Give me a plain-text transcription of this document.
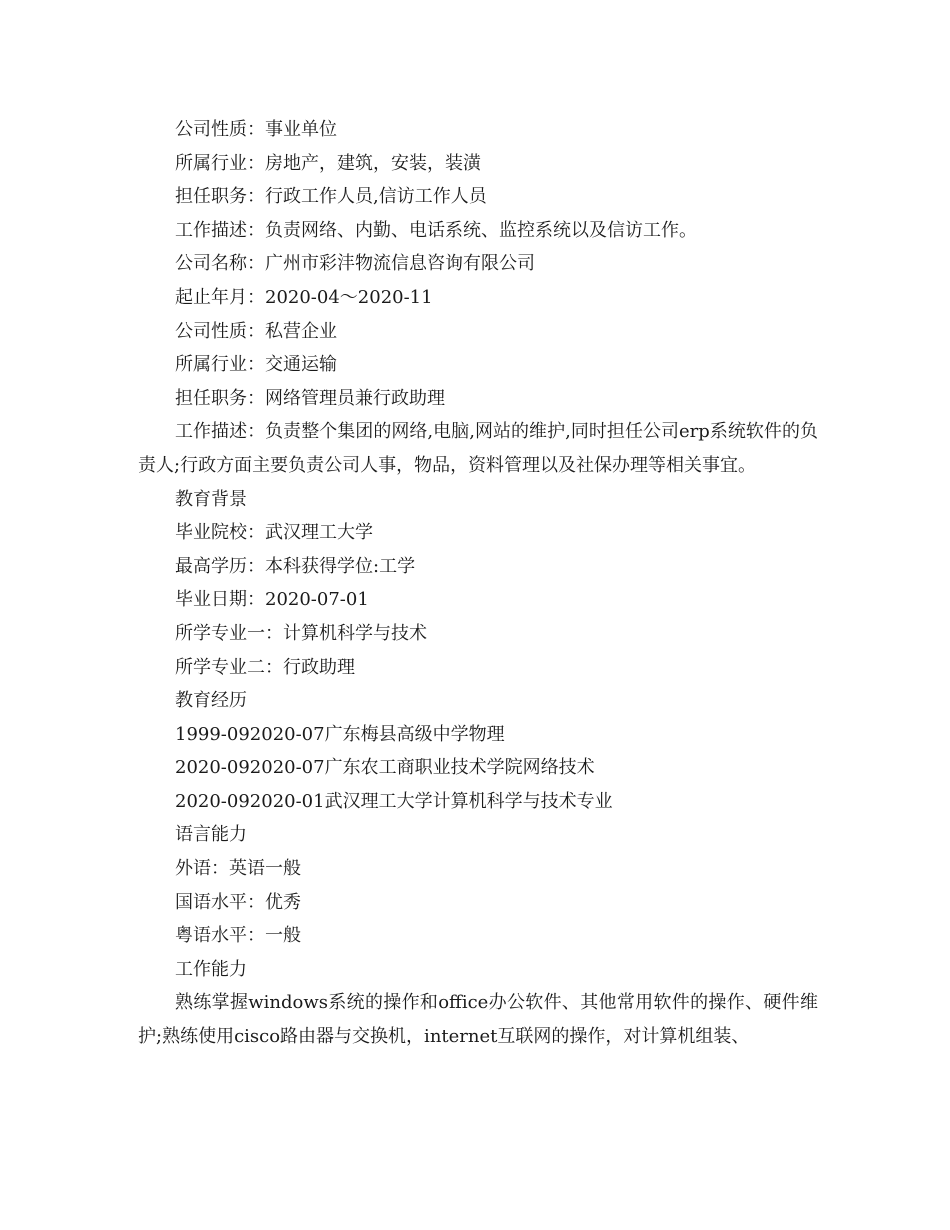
公司性质：事业单位

所属行业：房地产，建筑，安装，装潢

担任职务：行政工作人员,信访工作人员

工作描述：负责网络、内勤、电话系统、监控系统以及信访工作。

公司名称：广州市彩沣物流信息咨询有限公司

起止年月：2020-04～2020-11

公司性质：私营企业

所属行业：交通运输

担任职务：网络管理员兼行政助理

工作描述：负责整个集团的网络,电脑,网站的维护,同时担任公司erp系统软件的负责人;行政方面主要负责公司人事，物品，资料管理以及社保办理等相关事宜。

教育背景

毕业院校：武汉理工大学

最高学历：本科获得学位:工学

毕业日期：2020-07-01

所学专业一：计算机科学与技术

所学专业二：行政助理

教育经历

1999-092020-07广东梅县高级中学物理

2020-092020-07广东农工商职业技术学院网络技术

2020-092020-01武汉理工大学计算机科学与技术专业

语言能力

外语：英语一般

国语水平：优秀

粤语水平：一般

工作能力

熟练掌握windows系统的操作和office办公软件、其他常用软件的操作、硬件维护;熟练使用cisco路由器与交换机，internet互联网的操作，对计算机组装、
